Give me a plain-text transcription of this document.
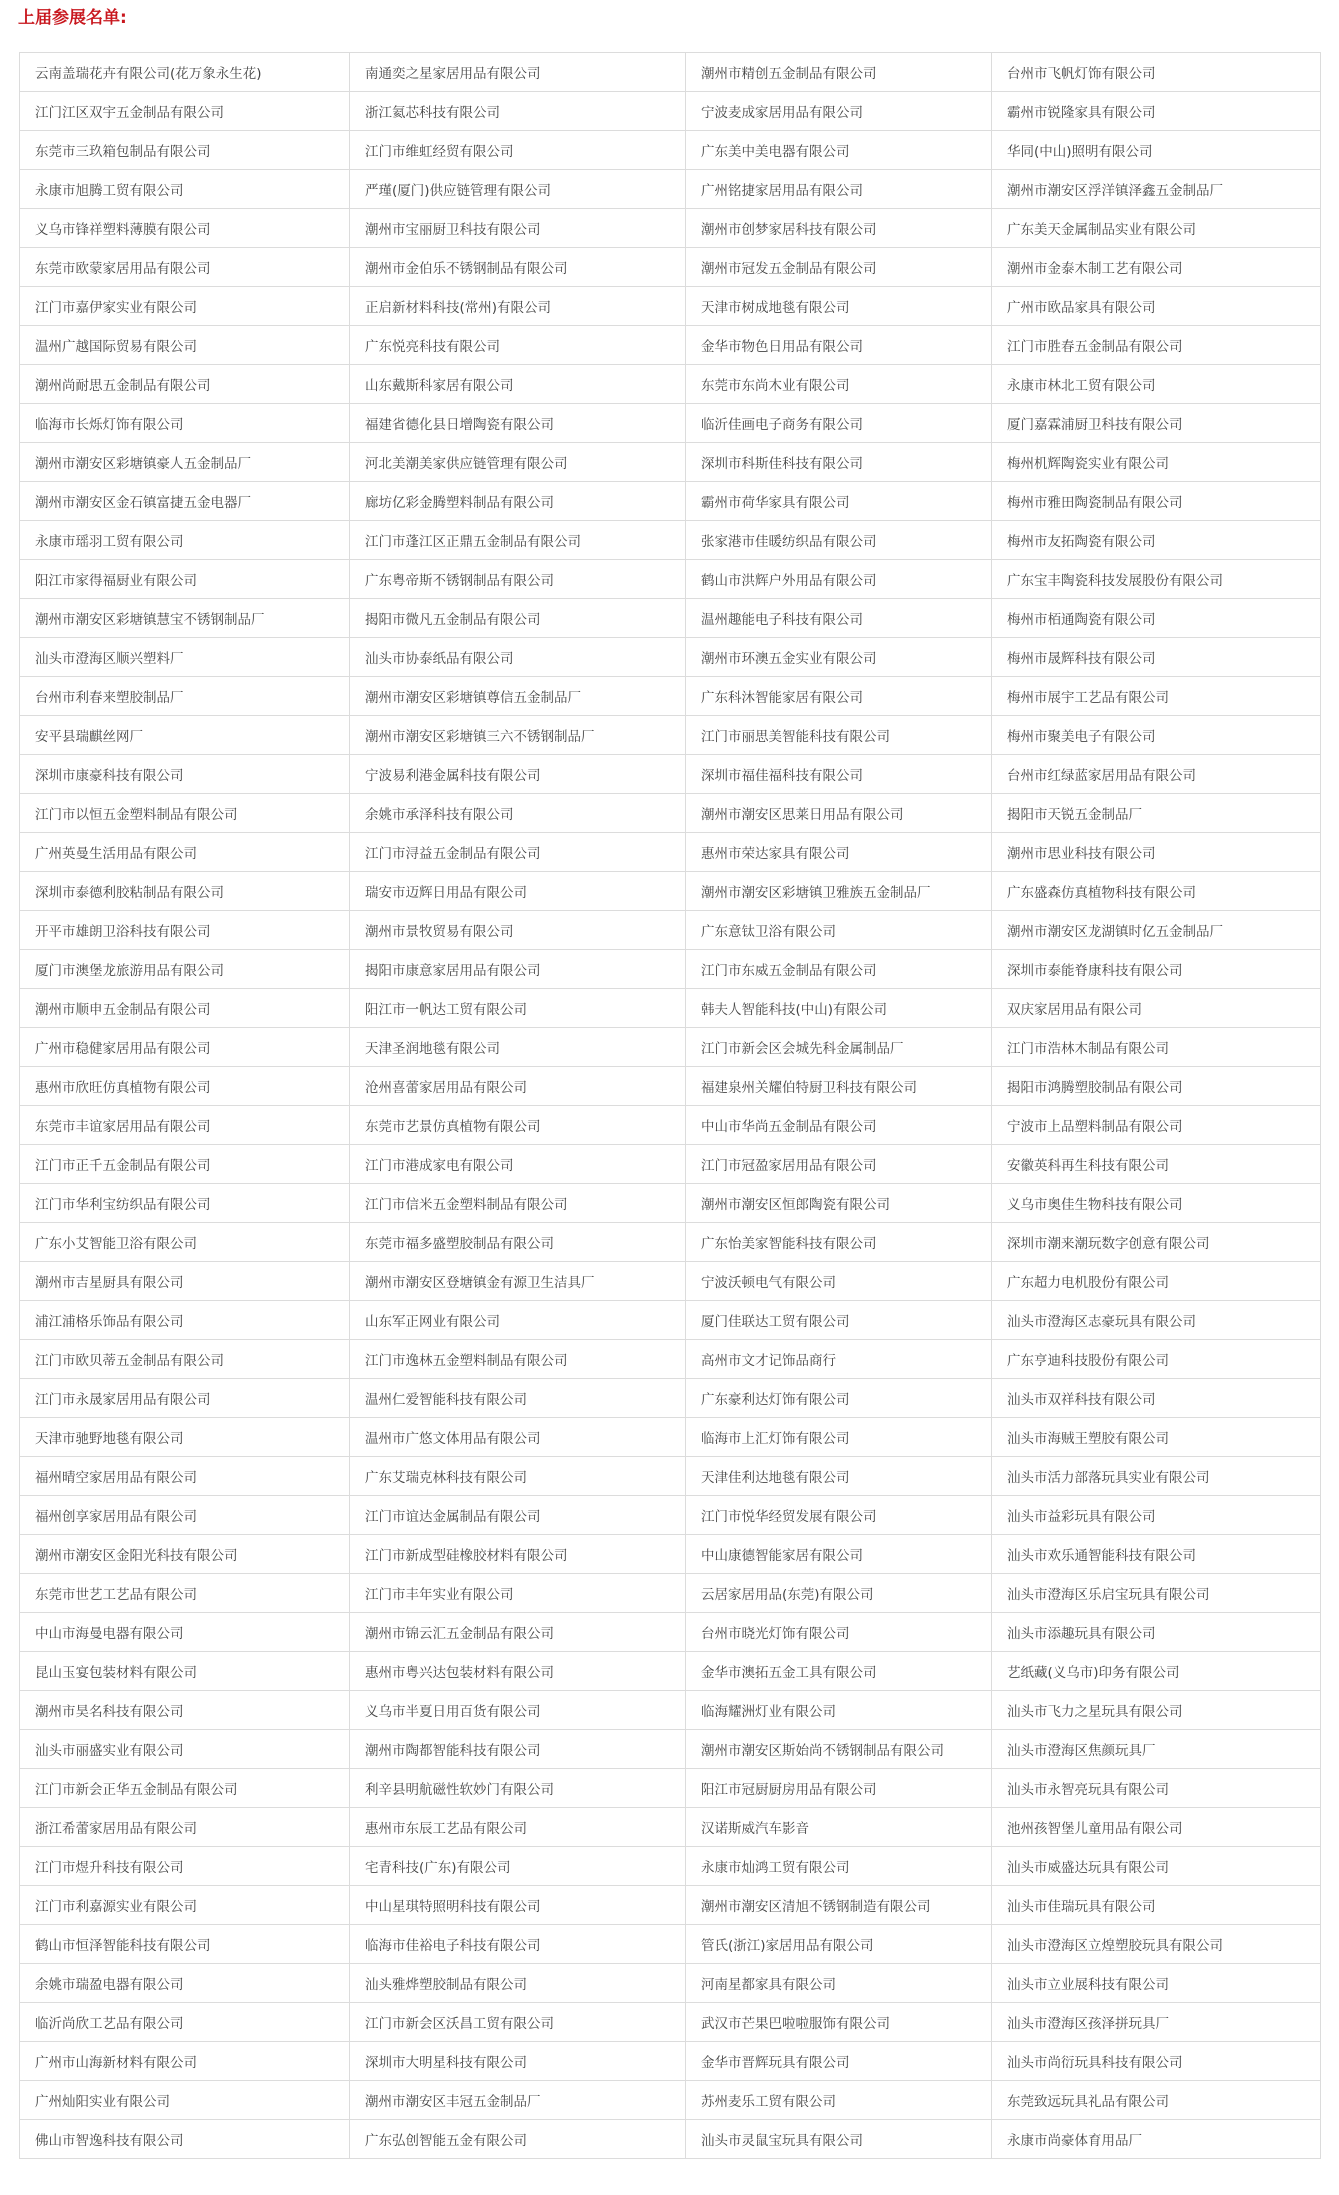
上届参展名单:
云南盖瑞花卉有限公司(花万象永生花)	南通奕之星家居用品有限公司	潮州市精创五金制品有限公司	台州市飞帆灯饰有限公司
江门江区双宇五金制品有限公司	浙江氦芯科技有限公司	宁波麦成家居用品有限公司	霸州市锐隆家具有限公司
东莞市三玖箱包制品有限公司	江门市维虹经贸有限公司	广东美中美电器有限公司	华同(中山)照明有限公司
永康市旭腾工贸有限公司	严瑾(厦门)供应链管理有限公司	广州铭捷家居用品有限公司	潮州市潮安区浮洋镇泽鑫五金制品厂
义乌市锋祥塑料薄膜有限公司	潮州市宝丽厨卫科技有限公司	潮州市创梦家居科技有限公司	广东美天金属制品实业有限公司
东莞市欧蒙家居用品有限公司	潮州市金伯乐不锈钢制品有限公司	潮州市冠发五金制品有限公司	潮州市金泰木制工艺有限公司
江门市嘉伊家实业有限公司	正启新材料科技(常州)有限公司	天津市树成地毯有限公司	广州市欧品家具有限公司
温州广越国际贸易有限公司	广东悦亮科技有限公司	金华市物色日用品有限公司	江门市胜春五金制品有限公司
潮州尚耐思五金制品有限公司	山东戴斯科家居有限公司	东莞市东尚木业有限公司	永康市林北工贸有限公司
临海市长烁灯饰有限公司	福建省德化县日增陶瓷有限公司	临沂佳画电子商务有限公司	厦门嘉霖浦厨卫科技有限公司
潮州市潮安区彩塘镇豪人五金制品厂	河北美潮美家供应链管理有限公司	深圳市科斯佳科技有限公司	梅州机辉陶瓷实业有限公司
潮州市潮安区金石镇富捷五金电器厂	廊坊亿彩金腾塑料制品有限公司	霸州市荷华家具有限公司	梅州市雅田陶瓷制品有限公司
永康市瑶羽工贸有限公司	江门市蓬江区正鼎五金制品有限公司	张家港市佳暖纺织品有限公司	梅州市友拓陶瓷有限公司
阳江市家得福厨业有限公司	广东粤帝斯不锈钢制品有限公司	鹤山市洪辉户外用品有限公司	广东宝丰陶瓷科技发展股份有限公司
潮州市潮安区彩塘镇慧宝不锈钢制品厂	揭阳市微凡五金制品有限公司	温州趣能电子科技有限公司	梅州市栢通陶瓷有限公司
汕头市澄海区顺兴塑料厂	汕头市协泰纸品有限公司	潮州市环澳五金实业有限公司	梅州市晟辉科技有限公司
台州市利春来塑胶制品厂	潮州市潮安区彩塘镇尊信五金制品厂	广东科沐智能家居有限公司	梅州市展宇工艺品有限公司
安平县瑞麒丝网厂	潮州市潮安区彩塘镇三六不锈钢制品厂	江门市丽思美智能科技有限公司	梅州市聚美电子有限公司
深圳市康豪科技有限公司	宁波易利港金属科技有限公司	深圳市福佳福科技有限公司	台州市红绿蓝家居用品有限公司
江门市以恒五金塑料制品有限公司	余姚市承泽科技有限公司	潮州市潮安区思莱日用品有限公司	揭阳市天锐五金制品厂
广州英曼生活用品有限公司	江门市浔益五金制品有限公司	惠州市荣达家具有限公司	潮州市思业科技有限公司
深圳市泰德利胶粘制品有限公司	瑞安市迈辉日用品有限公司	潮州市潮安区彩塘镇卫雅族五金制品厂	广东盛森仿真植物科技有限公司
开平市雄朗卫浴科技有限公司	潮州市景牧贸易有限公司	广东意钛卫浴有限公司	潮州市潮安区龙湖镇时亿五金制品厂
厦门市澳堡龙旅游用品有限公司	揭阳市康意家居用品有限公司	江门市东威五金制品有限公司	深圳市泰能脊康科技有限公司
潮州市顺申五金制品有限公司	阳江市一帆达工贸有限公司	韩夫人智能科技(中山)有限公司	双庆家居用品有限公司
广州市稳健家居用品有限公司	天津圣润地毯有限公司	江门市新会区会城先科金属制品厂	江门市浩林木制品有限公司
惠州市欣旺仿真植物有限公司	沧州喜蕾家居用品有限公司	福建泉州关耀伯特厨卫科技有限公司	揭阳市鸿腾塑胶制品有限公司
东莞市丰谊家居用品有限公司	东莞市艺景仿真植物有限公司	中山市华尚五金制品有限公司	宁波市上品塑料制品有限公司
江门市正千五金制品有限公司	江门市港成家电有限公司	江门市冠盈家居用品有限公司	安徽英科再生科技有限公司
江门市华利宝纺织品有限公司	江门市信米五金塑料制品有限公司	潮州市潮安区恒郎陶瓷有限公司	义乌市奥佳生物科技有限公司
广东小艾智能卫浴有限公司	东莞市福多盛塑胶制品有限公司	广东怡美家智能科技有限公司	深圳市潮来潮玩数字创意有限公司
潮州市吉星厨具有限公司	潮州市潮安区登塘镇金有源卫生洁具厂	宁波沃顿电气有限公司	广东超力电机股份有限公司
浦江浦格乐饰品有限公司	山东军正网业有限公司	厦门佳联达工贸有限公司	汕头市澄海区志豪玩具有限公司
江门市欧贝蒂五金制品有限公司	江门市逸林五金塑料制品有限公司	高州市文才记饰品商行	广东亨迪科技股份有限公司
江门市永晟家居用品有限公司	温州仁爱智能科技有限公司	广东豪利达灯饰有限公司	汕头市双祥科技有限公司
天津市驰野地毯有限公司	温州市广悠文体用品有限公司	临海市上汇灯饰有限公司	汕头市海贼王塑胶有限公司
福州晴空家居用品有限公司	广东艾瑞克林科技有限公司	天津佳利达地毯有限公司	汕头市活力部落玩具实业有限公司
福州创享家居用品有限公司	江门市谊达金属制品有限公司	江门市悦华经贸发展有限公司	汕头市益彩玩具有限公司
潮州市潮安区金阳光科技有限公司	江门市新成型硅橡胶材料有限公司	中山康德智能家居有限公司	汕头市欢乐通智能科技有限公司
东莞市世艺工艺品有限公司	江门市丰年实业有限公司	云居家居用品(东莞)有限公司	汕头市澄海区乐启宝玩具有限公司
中山市海曼电器有限公司	潮州市锦云汇五金制品有限公司	台州市晓光灯饰有限公司	汕头市添趣玩具有限公司
昆山玉宴包装材料有限公司	惠州市粤兴达包装材料有限公司	金华市澳拓五金工具有限公司	艺纸藏(义乌市)印务有限公司
潮州市昊名科技有限公司	义乌市半夏日用百货有限公司	临海耀洲灯业有限公司	汕头市飞力之星玩具有限公司
汕头市丽盛实业有限公司	潮州市陶都智能科技有限公司	潮州市潮安区斯始尚不锈钢制品有限公司	汕头市澄海区焦颜玩具厂
江门市新会正华五金制品有限公司	利辛县明航磁性软妙门有限公司	阳江市冠厨厨房用品有限公司	汕头市永智亮玩具有限公司
浙江希蕾家居用品有限公司	惠州市东辰工艺品有限公司	汉诺斯威汽车影音	池州孩智堡儿童用品有限公司
江门市煜升科技有限公司	宅青科技(广东)有限公司	永康市灿鸿工贸有限公司	汕头市威盛达玩具有限公司
江门市利嘉源实业有限公司	中山星琪特照明科技有限公司	潮州市潮安区清旭不锈钢制造有限公司	汕头市佳瑞玩具有限公司
鹤山市恒泽智能科技有限公司	临海市佳裕电子科技有限公司	管氏(浙江)家居用品有限公司	汕头市澄海区立煌塑胶玩具有限公司
余姚市瑞盈电器有限公司	汕头雅烨塑胶制品有限公司	河南星都家具有限公司	汕头市立业展科技有限公司
临沂尚欣工艺品有限公司	江门市新会区沃昌工贸有限公司	武汉市芒果巴啦啦服饰有限公司	汕头市澄海区孩泽拼玩具厂
广州市山海新材料有限公司	深圳市大明星科技有限公司	金华市晋辉玩具有限公司	汕头市尚衍玩具科技有限公司
广州灿阳实业有限公司	潮州市潮安区丰冠五金制品厂	苏州麦乐工贸有限公司	东莞致远玩具礼品有限公司
佛山市智逸科技有限公司	广东弘创智能五金有限公司	汕头市灵鼠宝玩具有限公司	永康市尚豪体育用品厂
